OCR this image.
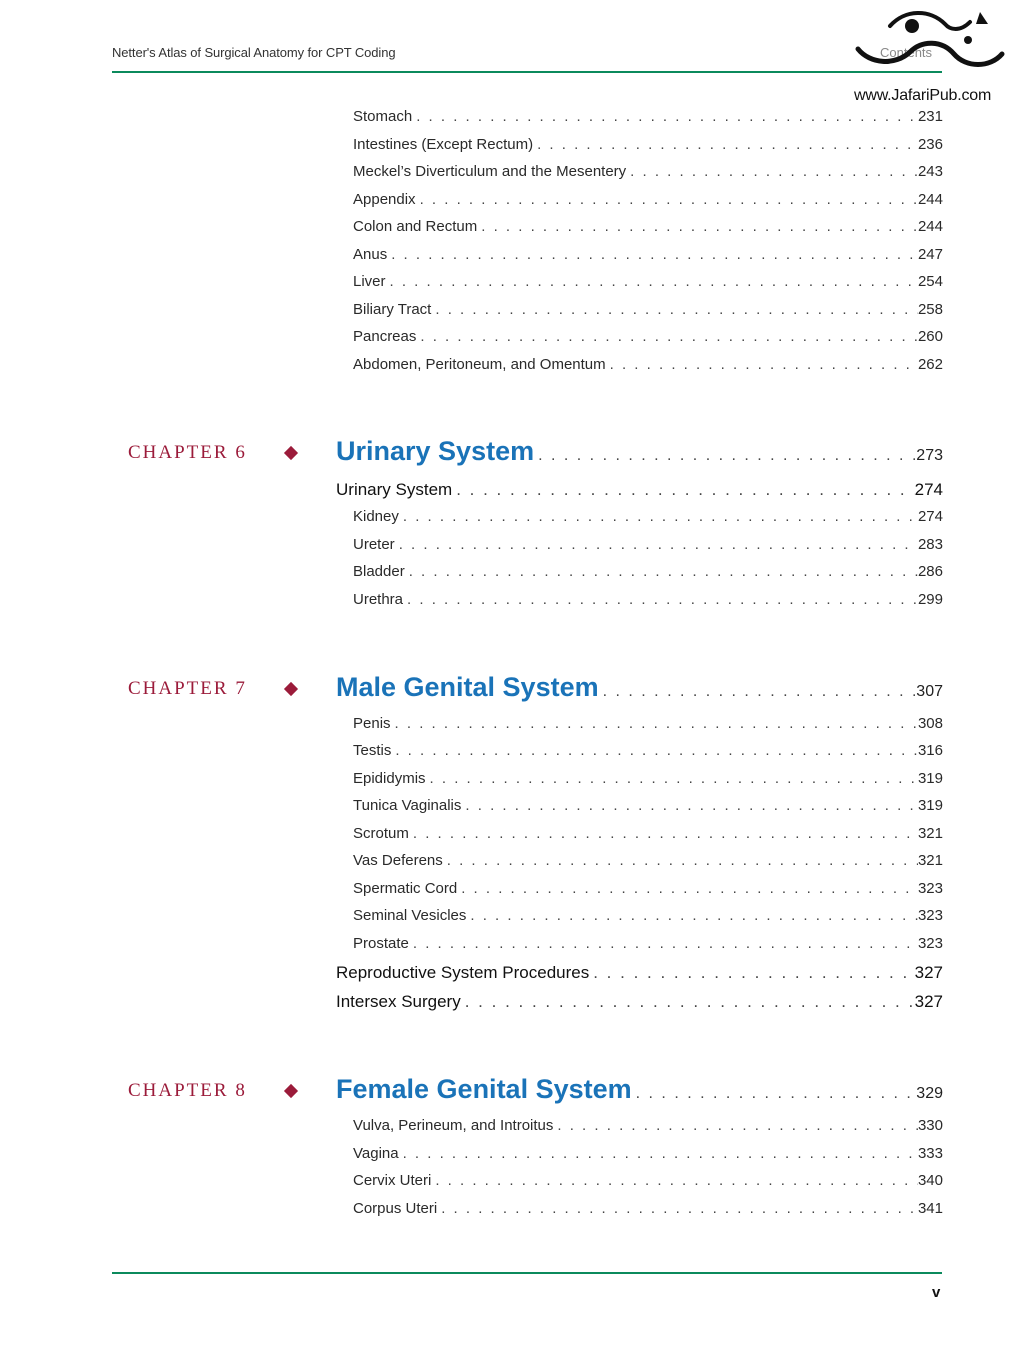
Netter's Atlas of Surgical Anatomy for CPT Coding	Contents
www.JafariPub.com
Stomach . . .	231
Intestines (Except Rectum) . . .	236
Meckel’s Diverticulum and the Mesentery . . .	243
Appendix . . .	244
Colon and Rectum . . .	244
Anus . . .	247
Liver . . .	254
Biliary Tract . . .	258
Pancreas . . .	260
Abdomen, Peritoneum, and Omentum . . .	262
CHAPTER 6	Urinary System . . .	273
Urinary System . . .	274
Kidney . . .	274
Ureter . . .	283
Bladder . . .	286
Urethra . . .	299
CHAPTER 7	Male Genital System . . .	307
Penis . . .	308
Testis . . .	316
Epididymis . . .	319
Tunica Vaginalis . . .	319
Scrotum . . .	321
Vas Deferens . . .	321
Spermatic Cord . . .	323
Seminal Vesicles . . .	323
Prostate . . .	323
Reproductive System Procedures . . .	327
Intersex Surgery . . .	327
CHAPTER 8	Female Genital System . . .	329
Vulva, Perineum, and Introitus . . .	330
Vagina . . .	333
Cervix Uteri . . .	340
Corpus Uteri . . .	341
v
